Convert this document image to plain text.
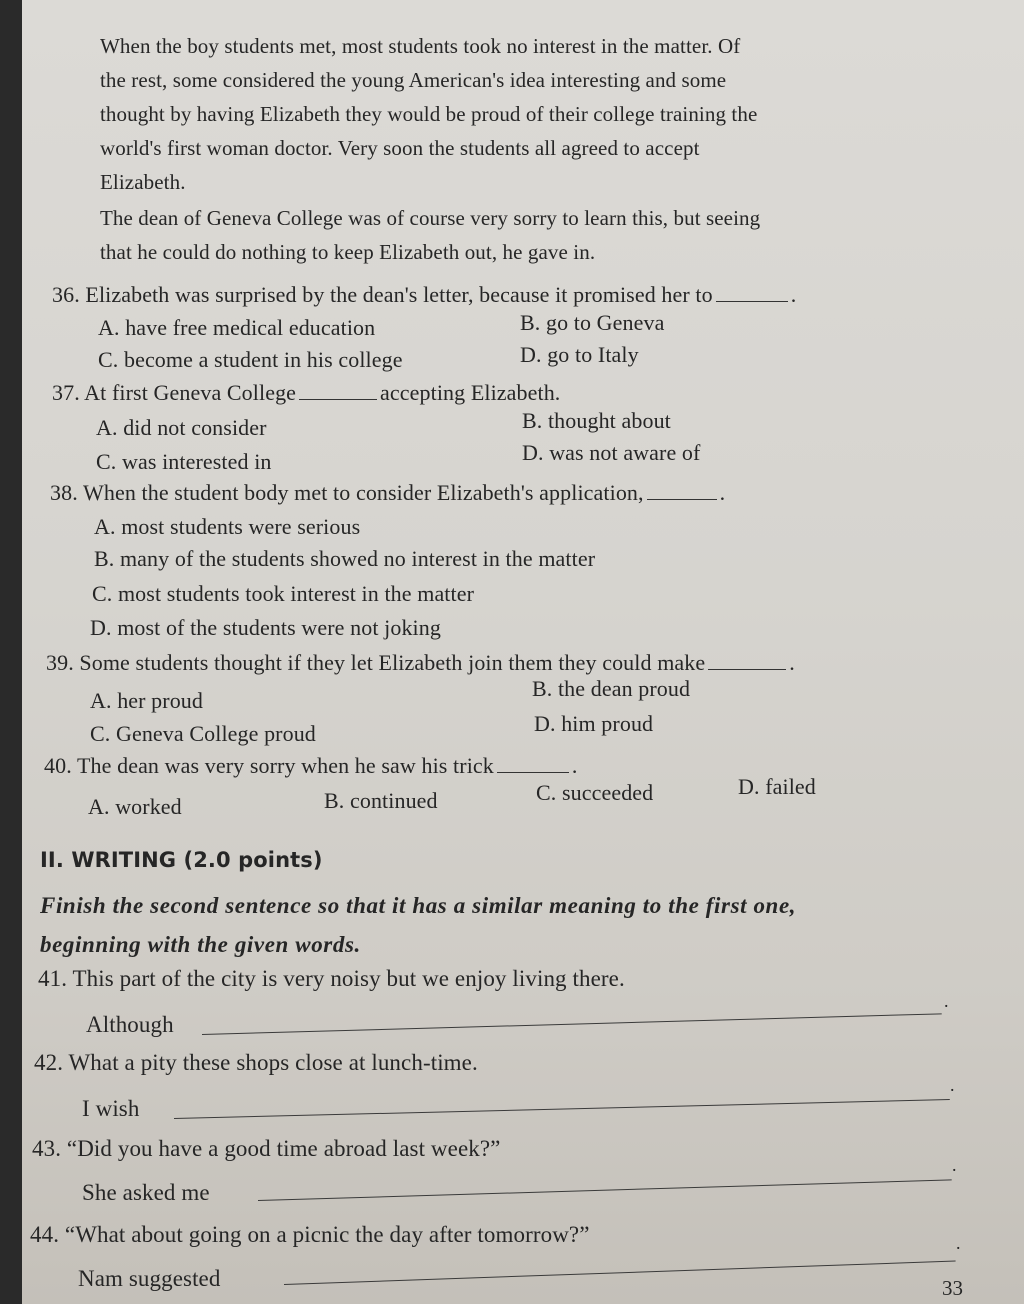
When the boy students met, most students took no interest in the matter. Of
the rest, some considered the young American's idea interesting and some
thought by having Elizabeth they would be proud of their college training the
world's first woman doctor. Very soon the students all agreed to accept
Elizabeth.
The dean of Geneva College was of course very sorry to learn this, but seeing
that he could do nothing to keep Elizabeth out, he gave in.
36. Elizabeth was surprised by the dean's letter, because it promised her to	.
A. have free medical education	B. go to Geneva
C. become a student in his college	D. go to Italy
37. At first Geneva College	accepting Elizabeth.
A. did not consider	B. thought about
C. was interested in	D. was not aware of
38. When the student body met to consider Elizabeth's application,	.
A. most students were serious
B. many of the students showed no interest in the matter
C. most students took interest in the matter
D. most of the students were not joking
39. Some students thought if they let Elizabeth join them they could make	.
A. her proud	B. the dean proud
C. Geneva College proud	D. him proud
40. The dean was very sorry when he saw his trick	.
A. worked	B. continued	C. succeeded	D. failed
II. WRITING (2.0 points)
Finish the second sentence so that it has a similar meaning to the first one,
beginning with the given words.
41. This part of the city is very noisy but we enjoy living there.
Although
.
42. What a pity these shops close at lunch-time.
I wish
.
43. “Did you have a good time abroad last week?”
She asked me
.
44. “What about going on a picnic the day after tomorrow?”
Nam suggested
.
33
